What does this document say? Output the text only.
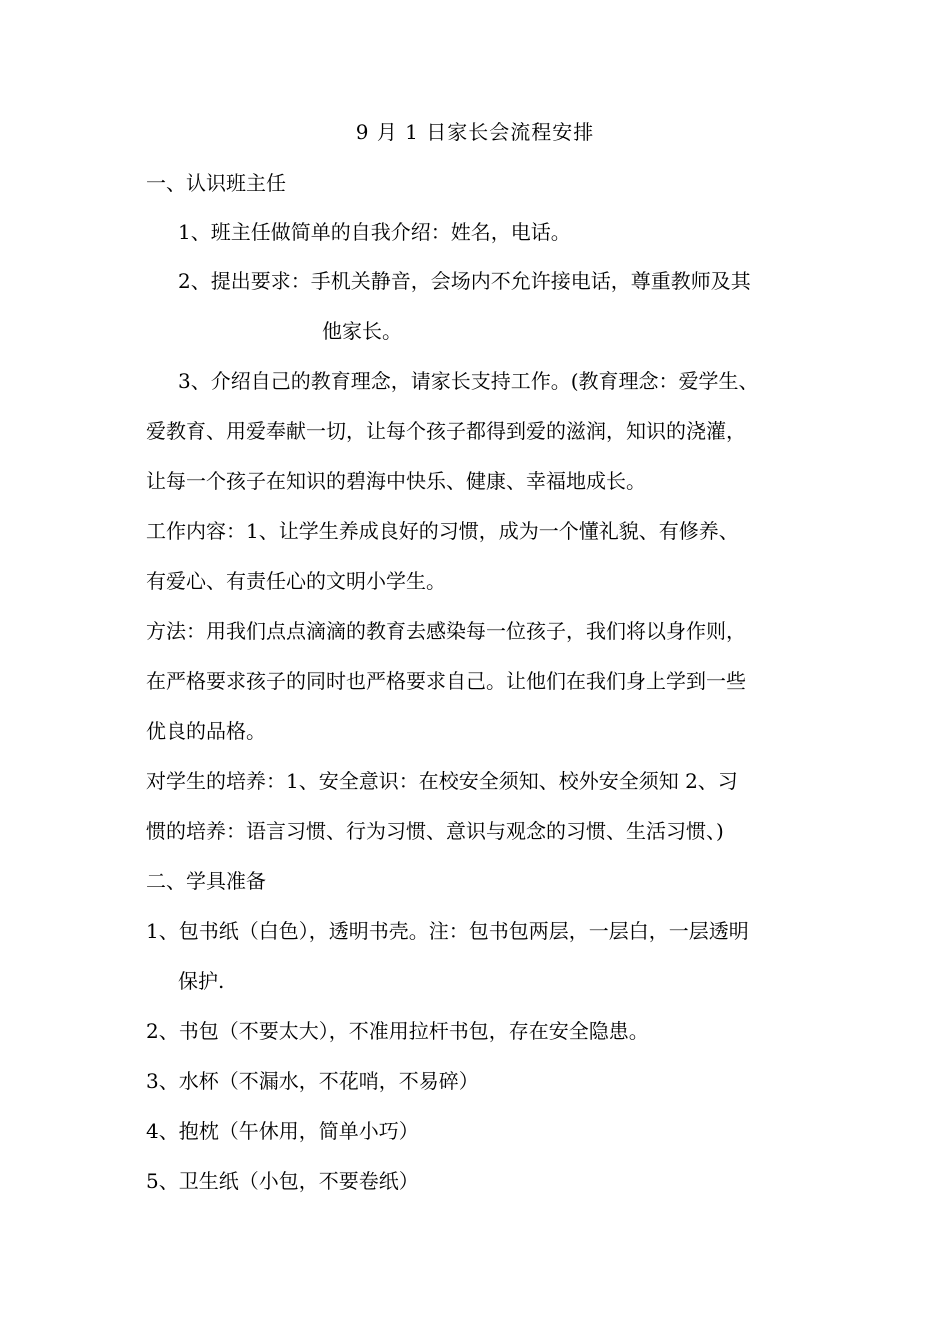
9 月 1 日家长会流程安排
一、认识班主任
1、班主任做简单的自我介绍：姓名，电话。
2、提出要求：手机关静音，会场内不允许接电话，尊重教师及其
他家长。
3、介绍自己的教育理念，请家长支持工作。(教育理念：爱学生、
爱教育、用爱奉献一切，让每个孩子都得到爱的滋润，知识的浇灌，
让每一个孩子在知识的碧海中快乐、健康、幸福地成长。
工作内容：1、让学生养成良好的习惯，成为一个懂礼貌、有修养、
有爱心、有责任心的文明小学生。
方法：用我们点点滴滴的教育去感染每一位孩子，我们将以身作则，
在严格要求孩子的同时也严格要求自己。让他们在我们身上学到一些
优良的品格。
对学生的培养：1、安全意识：在校安全须知、校外安全须知 2、习
惯的培养：语言习惯、行为习惯、意识与观念的习惯、生活习惯、)
二、学具准备
1、包书纸（白色），透明书壳。注：包书包两层，一层白，一层透明
保护.
2、书包（不要太大），不准用拉杆书包，存在安全隐患。
3、水杯（不漏水，不花哨，不易碎）
4、抱枕（午休用，简单小巧）
5、卫生纸（小包，不要卷纸）
